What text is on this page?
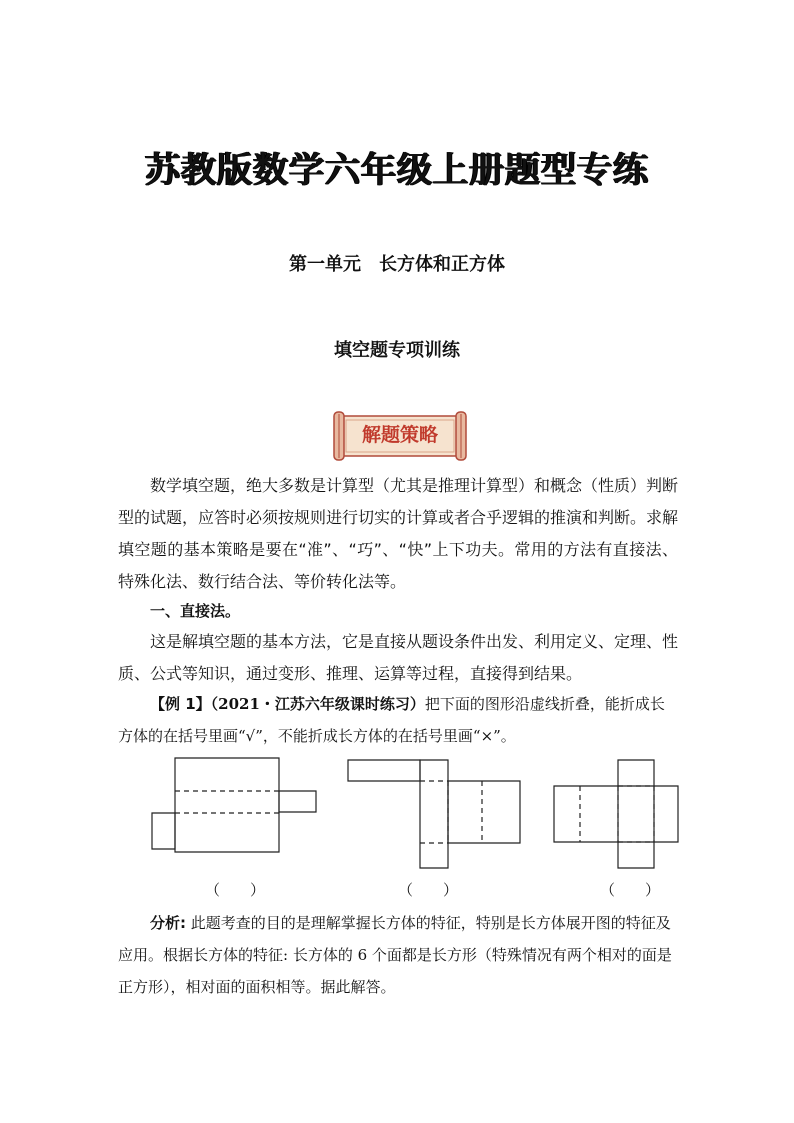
苏教版数学六年级上册题型专练
第一单元　长方体和正方体
填空题专项训练
解题策略
数学填空题，绝大多数是计算型（尤其是推理计算型）和概念（性质）判断型的试题，应答时必须按规则进行切实的计算或者合乎逻辑的推演和判断。求解填空题的基本策略是要在“准”、“巧”、“快”上下功夫。常用的方法有直接法、特殊化法、数行结合法、等价转化法等。
一、直接法。
这是解填空题的基本方法，它是直接从题设条件出发、利用定义、定理、性质、公式等知识，通过变形、推理、运算等过程，直接得到结果。
【例 1】（2021・江苏六年级课时练习）把下面的图形沿虚线折叠，能折成长方体的在括号里画“√”，不能折成长方体的在括号里画“×”。
（　　）	（　　）	（　　）
分析: 此题考查的目的是理解掌握长方体的特征，特别是长方体展开图的特征及应用。根据长方体的特征: 长方体的 6 个面都是长方形（特殊情况有两个相对的面是正方形），相对面的面积相等。据此解答。
